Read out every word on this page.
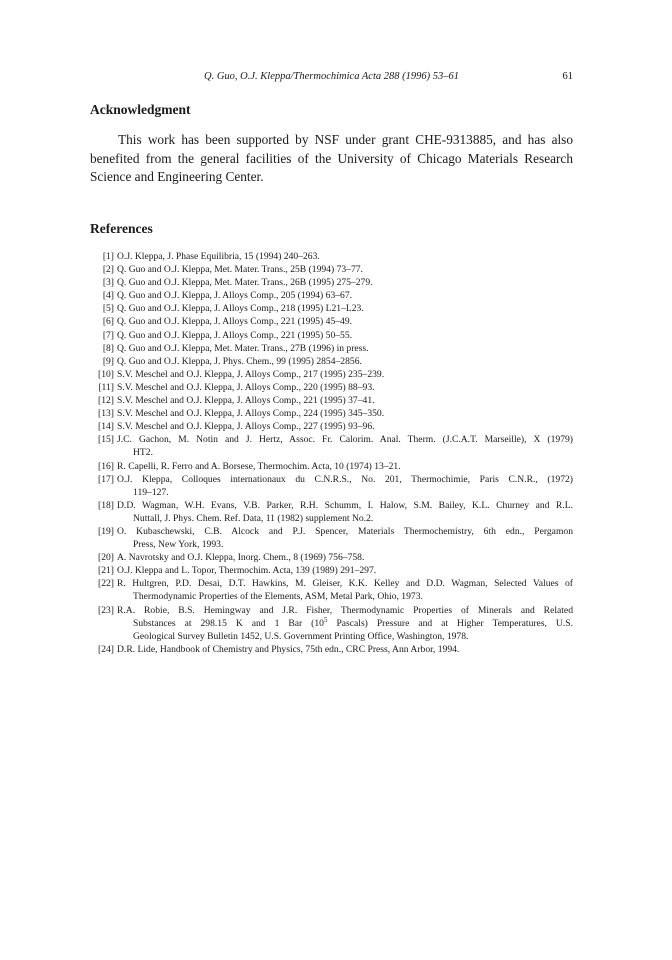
Q. Guo, O.J. Kleppa/Thermochimica Acta 288 (1996) 53–61	61
Acknowledgment

This work has been supported by NSF under grant CHE-9313885, and has also
benefited from the general facilities of the University of Chicago Materials Research
Science and Engineering Center.

References
[1] O.J. Kleppa, J. Phase Equilibria, 15 (1994) 240–263.
[2] Q. Guo and O.J. Kleppa, Met. Mater. Trans., 25B (1994) 73–77.
[3] Q. Guo and O.J. Kleppa, Met. Mater. Trans., 26B (1995) 275–279.
[4] Q. Guo and O.J. Kleppa, J. Alloys Comp., 205 (1994) 63–67.
[5] Q. Guo and O.J. Kleppa, J. Alloys Comp., 218 (1995) L21–L23.
[6] Q. Guo and O.J. Kleppa, J. Alloys Comp., 221 (1995) 45–49.
[7] Q. Guo and O.J. Kleppa, J. Alloys Comp., 221 (1995) 50–55.
[8] Q. Guo and O.J. Kleppa, Met. Mater. Trans., 27B (1996) in press.
[9] Q. Guo and O.J. Kleppa, J. Phys. Chem., 99 (1995) 2854–2856.
[10] S.V. Meschel and O.J. Kleppa, J. Alloys Comp., 217 (1995) 235–239.
[11] S.V. Meschel and O.J. Kleppa, J. Alloys Comp., 220 (1995) 88–93.
[12] S.V. Meschel and O.J. Kleppa, J. Alloys Comp., 221 (1995) 37–41.
[13] S.V. Meschel and O.J. Kleppa, J. Alloys Comp., 224 (1995) 345–350.
[14] S.V. Meschel and O.J. Kleppa, J. Alloys Comp., 227 (1995) 93–96.
[15] J.C. Gachon, M. Notin and J. Hertz, Assoc. Fr. Calorim. Anal. Therm. (J.C.A.T. Marseille), X (1979)
HT2.
[16] R. Capelli, R. Ferro and A. Borsese, Thermochim. Acta, 10 (1974) 13–21.
[17] O.J. Kleppa, Colloques internationaux du C.N.R.S., No. 201, Thermochimie, Paris C.N.R., (1972)
119–127.
[18] D.D. Wagman, W.H. Evans, V.B. Parker, R.H. Schumm, I. Halow, S.M. Bailey, K.L. Churney and R.L.
Nuttall, J. Phys. Chem. Ref. Data, 11 (1982) supplement No.2.
[19] O. Kubaschewski, C.B. Alcock and P.J. Spencer, Materials Thermochemistry, 6th edn., Pergamon
Press, New York, 1993.
[20] A. Navrotsky and O.J. Kleppa, Inorg. Chem., 8 (1969) 756–758.
[21] O.J. Kleppa and L. Topor, Thermochim. Acta, 139 (1989) 291–297.
[22] R. Hultgren, P.D. Desai, D.T. Hawkins, M. Gleiser, K.K. Kelley and D.D. Wagman, Selected Values of
Thermodynamic Properties of the Elements, ASM, Metal Park, Ohio, 1973.
[23] R.A. Robie, B.S. Hemingway and J.R. Fisher, Thermodynamic Properties of Minerals and Related
Substances at 298.15 K and 1 Bar ($10^5$ Pascals) Pressure and at Higher Temperatures, U.S.
Geological Survey Bulletin 1452, U.S. Government Printing Office, Washington, 1978.
[24] D.R. Lide, Handbook of Chemistry and Physics, 75th edn., CRC Press, Ann Arbor, 1994.
